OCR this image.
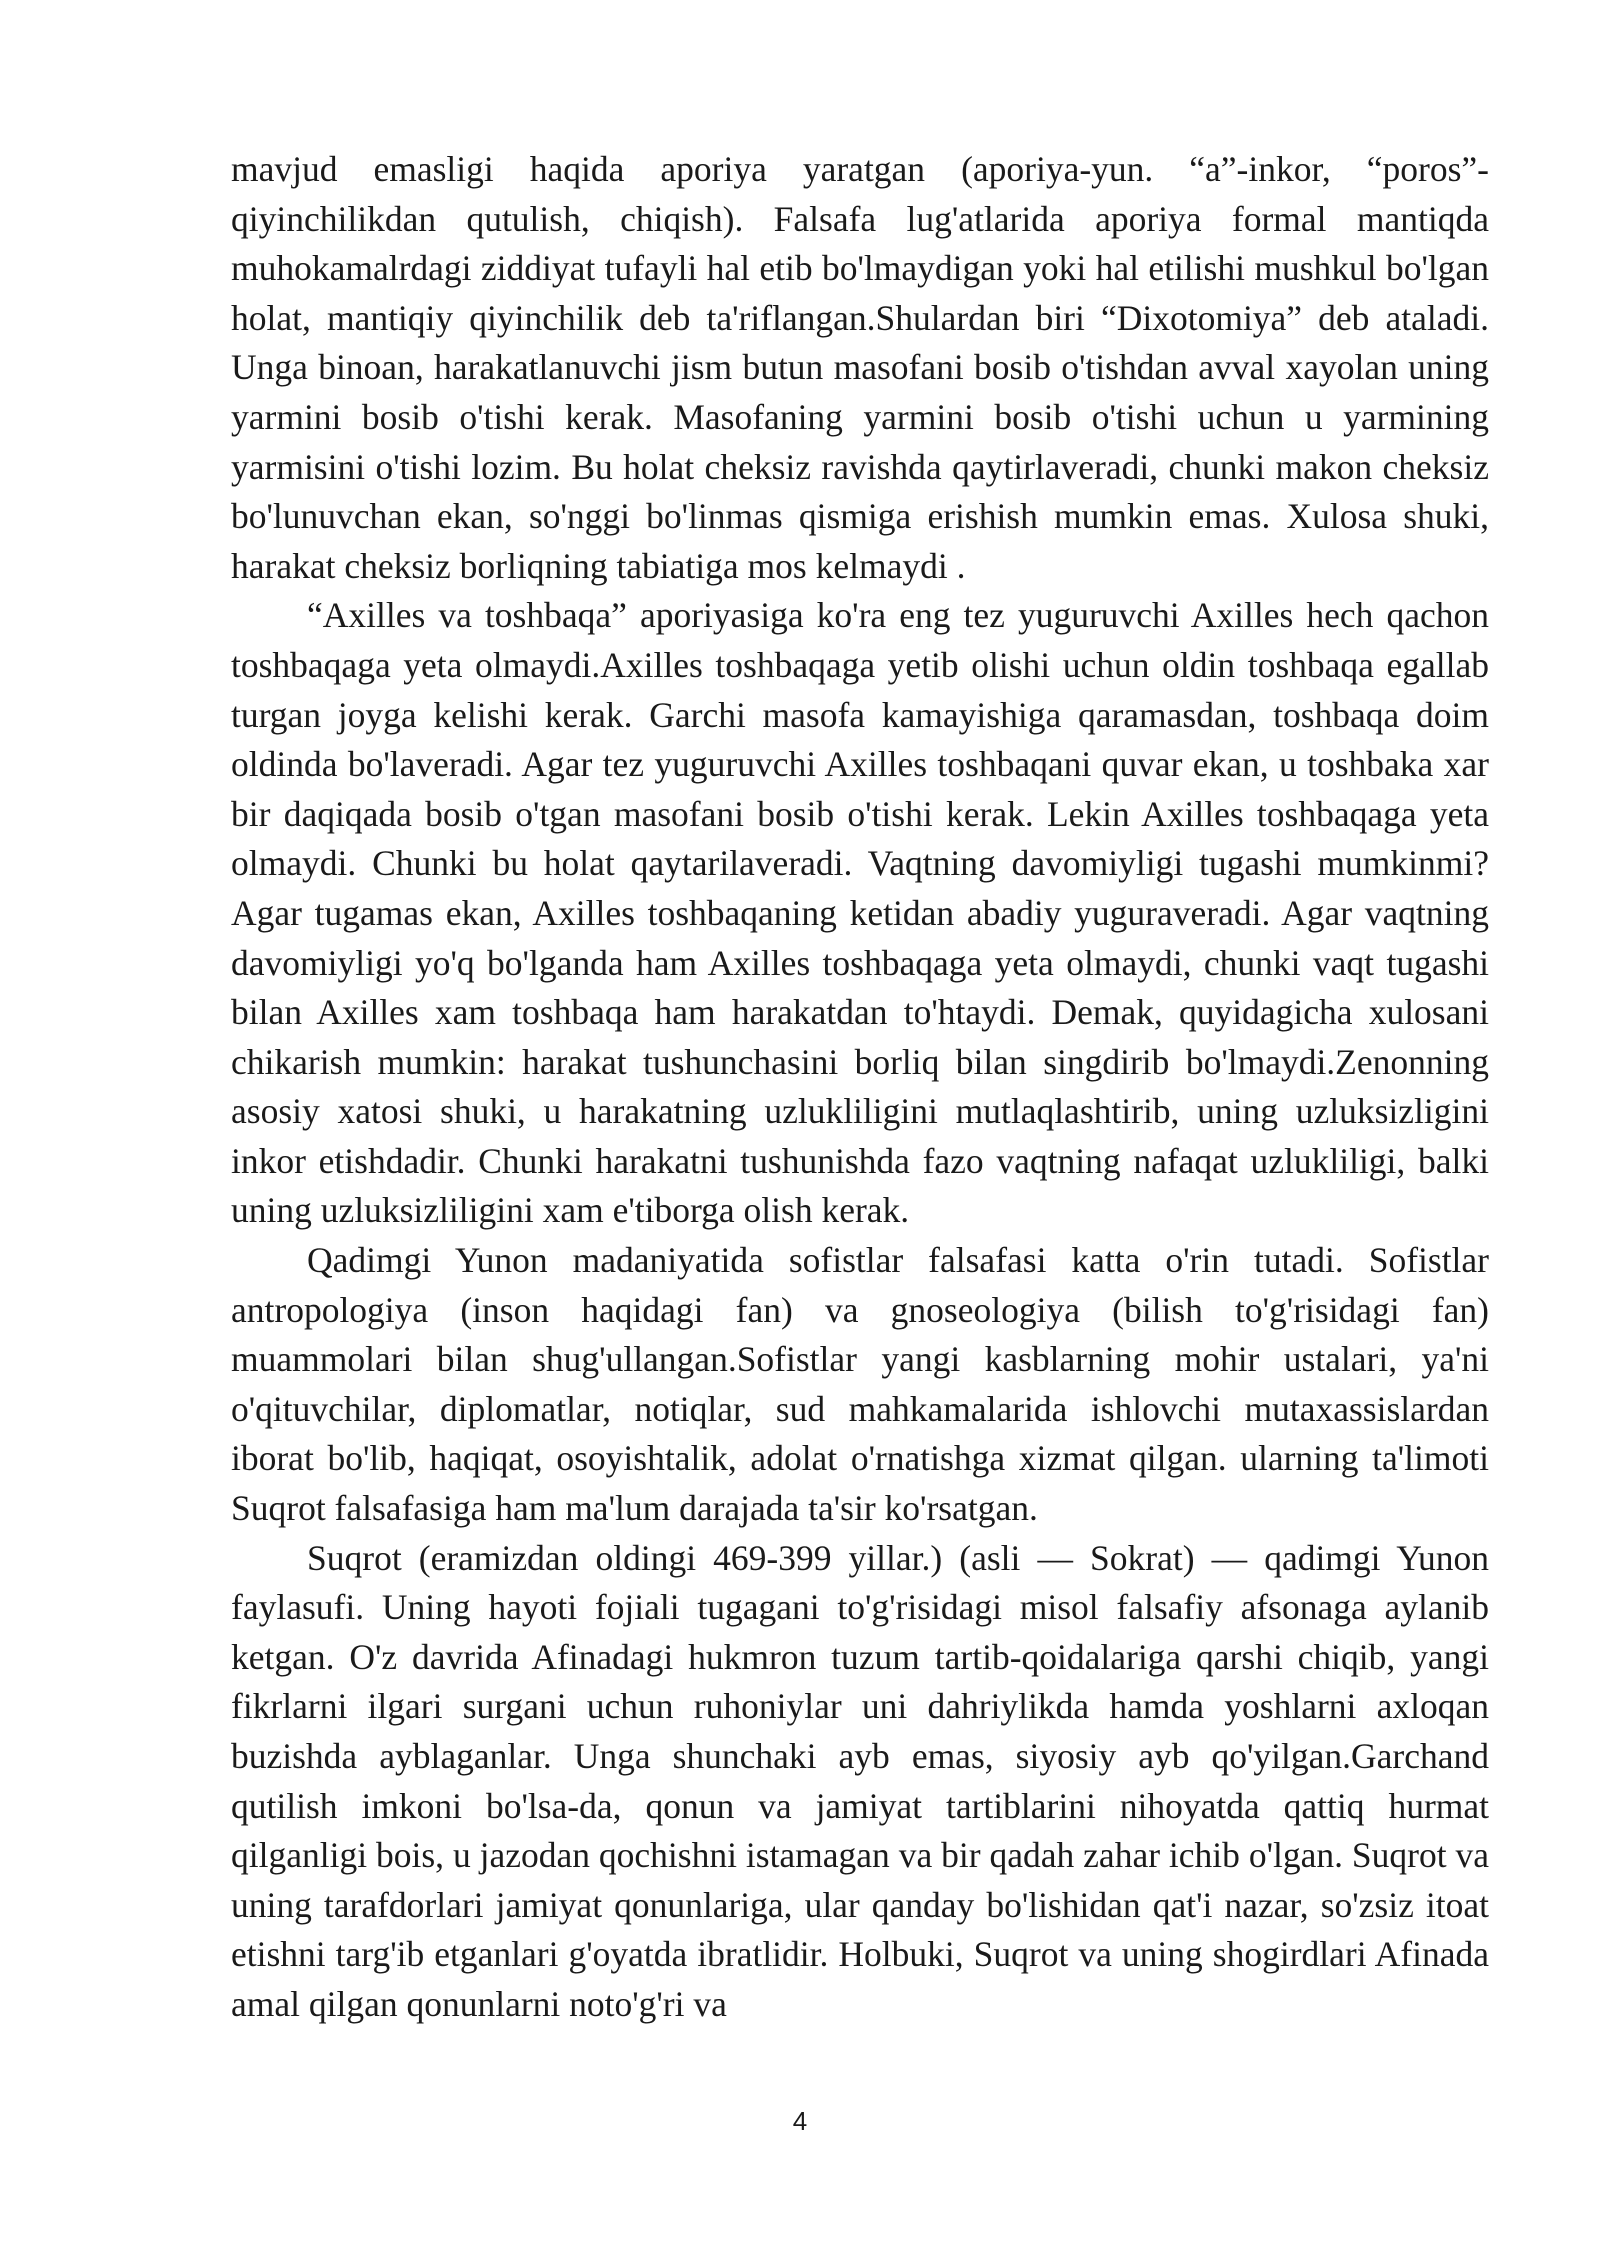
mavjud emasligi haqida aporiya yaratgan (aporiya-yun. “a”-inkor, “poros”-qiyinchilikdan qutulish, chiqish). Falsafa lug'atlarida aporiya formal mantiqda muhokamalrdagi ziddiyat tufayli hal etib bo'lmaydigan yoki hal etilishi mushkul bo'lgan holat, mantiqiy qiyinchilik deb ta'riflangan.Shulardan biri “Dixotomiya” deb ataladi. Unga binoan, harakatlanuvchi jism butun masofani bosib o'tishdan avval xayolan uning yarmini bosib o'tishi kerak. Masofaning yarmini bosib o'tishi uchun u yarmining yarmisini o'tishi lozim. Bu holat cheksiz ravishda qaytirlaveradi, chunki makon cheksiz bo'lunuvchan ekan, so'nggi bo'linmas qismiga erishish mumkin emas. Xulosa shuki, harakat cheksiz borliqning tabiatiga mos kelmaydi .

“Axilles va toshbaqa” aporiyasiga ko'ra eng tez yuguruvchi Axilles hech qachon toshbaqaga yeta olmaydi.Axilles toshbaqaga yetib olishi uchun oldin toshbaqa egallab turgan joyga kelishi kerak. Garchi masofa kamayishiga qaramasdan, toshbaqa doim oldinda bo'laveradi. Agar tez yuguruvchi Axilles toshbaqani quvar ekan, u toshbaka xar bir daqiqada bosib o'tgan masofani bosib o'tishi kerak. Lekin Axilles toshbaqaga yeta olmaydi. Chunki bu holat qaytarilaveradi. Vaqtning davomiyligi tugashi mumkinmi?Agar tugamas ekan, Axilles toshbaqaning ketidan abadiy yuguraveradi. Agar vaqtning davomiyligi yo'q bo'lganda ham Axilles toshbaqaga yeta olmaydi, chunki vaqt tugashi bilan Axilles xam toshbaqa ham harakatdan to'htaydi. Demak, quyidagicha xulosani chikarish mumkin: harakat tushunchasini borliq bilan singdirib bo'lmaydi.Zenonning asosiy xatosi shuki, u harakatning uzlukliligini mutlaqlashtirib, uning uzluksizligini inkor etishdadir. Chunki harakatni tushunishda fazo vaqtning nafaqat uzlukliligi, balki uning uzluksizliligini xam e'tiborga olish kerak.

Qadimgi Yunon madaniyatida sofistlar falsafasi katta o'rin tutadi. Sofistlar antropologiya (inson haqidagi fan) va gnoseologiya (bilish to'g'risidagi fan) muammolari bilan shug'ullangan.Sofistlar yangi kasblarning mohir ustalari, ya'ni o'qituvchilar, diplomatlar, notiqlar, sud mahkamalarida ishlovchi mutaxassislardan iborat bo'lib, haqiqat, osoyishtalik, adolat o'rnatishga xizmat qilgan. ularning ta'limoti Suqrot falsafasiga ham ma'lum darajada ta'sir ko'rsatgan.

Suqrot (eramizdan oldingi 469-399 yillar.) (asli — Sokrat) — qadimgi Yunon faylasufi. Uning hayoti fojiali tugagani to'g'risidagi misol falsafiy afsonaga aylanib ketgan. O'z davrida Afinadagi hukmron tuzum tartib-qoidalariga qarshi chiqib, yangi fikrlarni ilgari surgani uchun ruhoniylar uni dahriylikda hamda yoshlarni axloqan buzishda ayblaganlar. Unga shunchaki ayb emas, siyosiy ayb qo'yilgan.Garchand qutilish imkoni bo'lsa-da, qonun va jamiyat tartiblarini nihoyatda qattiq hurmat qilganligi bois, u jazodan qochishni istamagan va bir qadah zahar ichib o'lgan. Suqrot va uning tarafdorlari jamiyat qonunlariga, ular qanday bo'lishidan qat'i nazar, so'zsiz itoat etishni targ'ib etganlari g'oyatda ibratlidir. Holbuki, Suqrot va uning shogirdlari Afinada amal qilgan qonunlarni noto'g'ri va

4
